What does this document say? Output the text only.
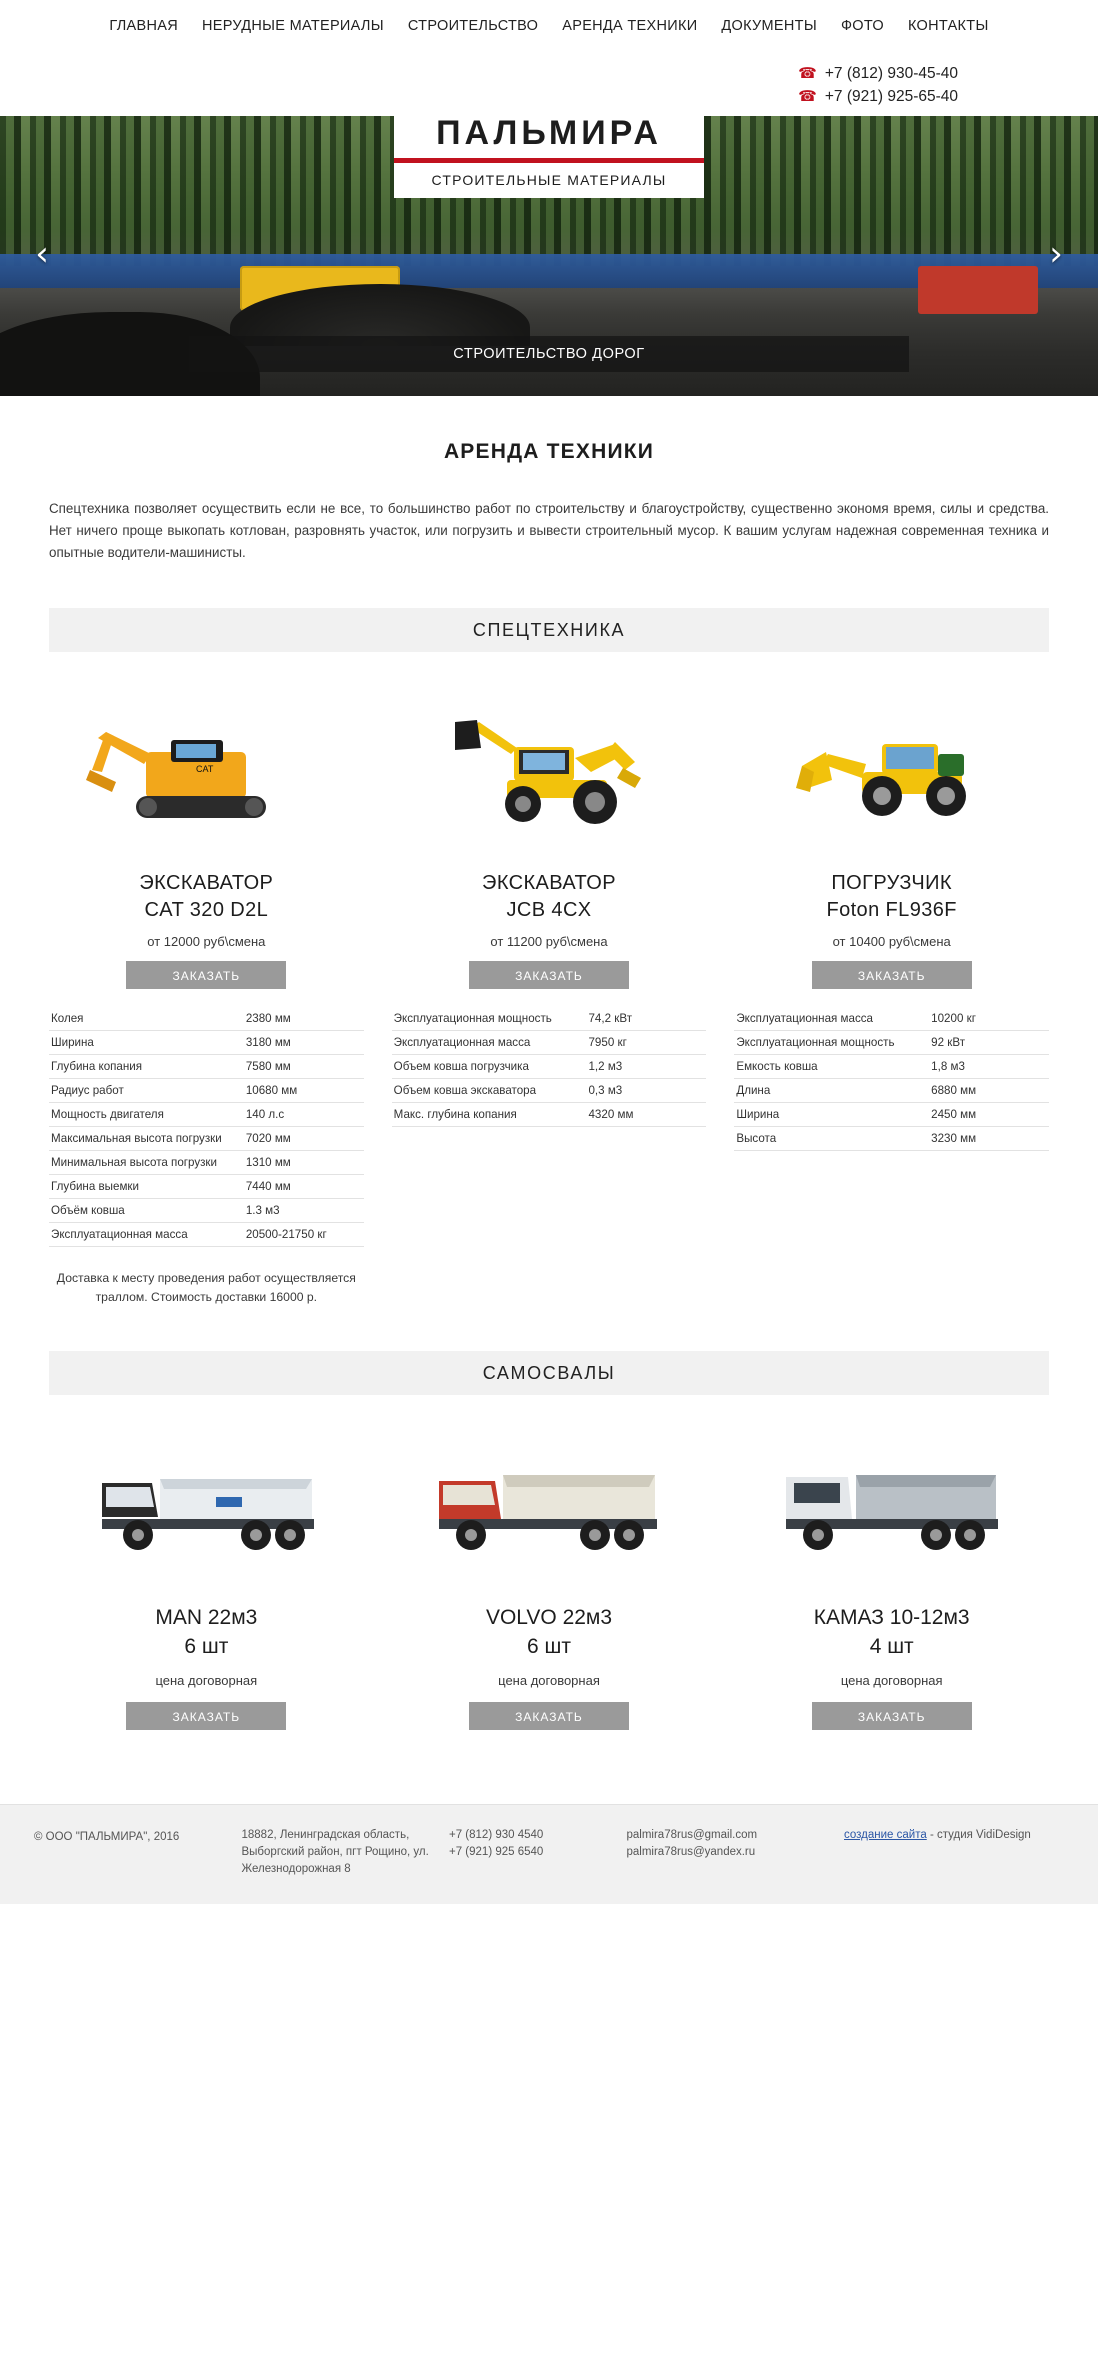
ГЛАВНАЯ НЕРУДНЫЕ МАТЕРИАЛЫ СТРОИТЕЛЬСТВО АРЕНДА ТЕХНИКИ ДОКУМЕНТЫ ФОТО КОНТАКТЫ
☎ +7 (812) 930-45-40
☎ +7 (921) 925-65-40
‹	›
СТРОИТЕЛЬСТВО ДОРОГ
ПАЛЬМИРА
СТРОИТЕЛЬНЫЕ МАТЕРИАЛЫ
АРЕНДА ТЕХНИКИ
Спецтехника позволяет осуществить если не все, то большинство работ по строительству и благоустройству, существенно экономя время, силы и средства. Нет ничего проще выкопать котлован, разровнять участок, или погрузить и вывести строительный мусор. К вашим услугам надежная современная техника и опытные водители-машинисты.
СПЕЦТЕХНИКА
CAT
ЭКСКАВАТОР
CAT 320 D2L
от 12000 руб\смена
ЗАКАЗАТЬ
Колея	2380 мм
Ширина	3180 мм
Глубина копания	7580 мм
Радиус работ	10680 мм
Мощность двигателя	140 л.с
Максимальная высота погрузки	7020 мм
Минимальная высота погрузки	1310 мм
Глубина выемки	7440 мм
Объём ковша	1.3 м3
Эксплуатационная масса	20500-21750 кг
Доставка к месту проведения работ осуществляется траллом. Стоимость доставки 16000 р.
ЭКСКАВАТОР
JCB 4CX
от 11200 руб\смена
ЗАКАЗАТЬ
Эксплуатационная мощность	74,2 кВт
Эксплуатационная масса	7950 кг
Объем ковша погрузчика	1,2 м3
Объем ковша экскаватора	0,3 м3
Макс. глубина копания	4320 мм
ПОГРУЗЧИК
Foton FL936F
от 10400 руб\смена
ЗАКАЗАТЬ
Эксплуатационная масса	10200 кг
Эксплуатационная мощность	92 кВт
Емкость ковша	1,8 м3
Длина	6880 мм
Ширина	2450 мм
Высота	3230 мм
САМОСВАЛЫ
MAN 22м3
6 шт
цена договорная
ЗАКАЗАТЬ
VOLVO 22м3
6 шт
цена договорная
ЗАКАЗАТЬ
КАМАЗ 10-12м3
4 шт
цена договорная
ЗАКАЗАТЬ
© ООО "ПАЛЬМИРА", 2016	18882, Ленинградская область,
Выборгский район, пгт Рощино, ул.
Железнодорожная 8
+7 (812) 930 4540
+7 (921) 925 6540
palmira78rus@gmail.com
palmira78rus@yandex.ru
создание сайта - студия VidiDesign
